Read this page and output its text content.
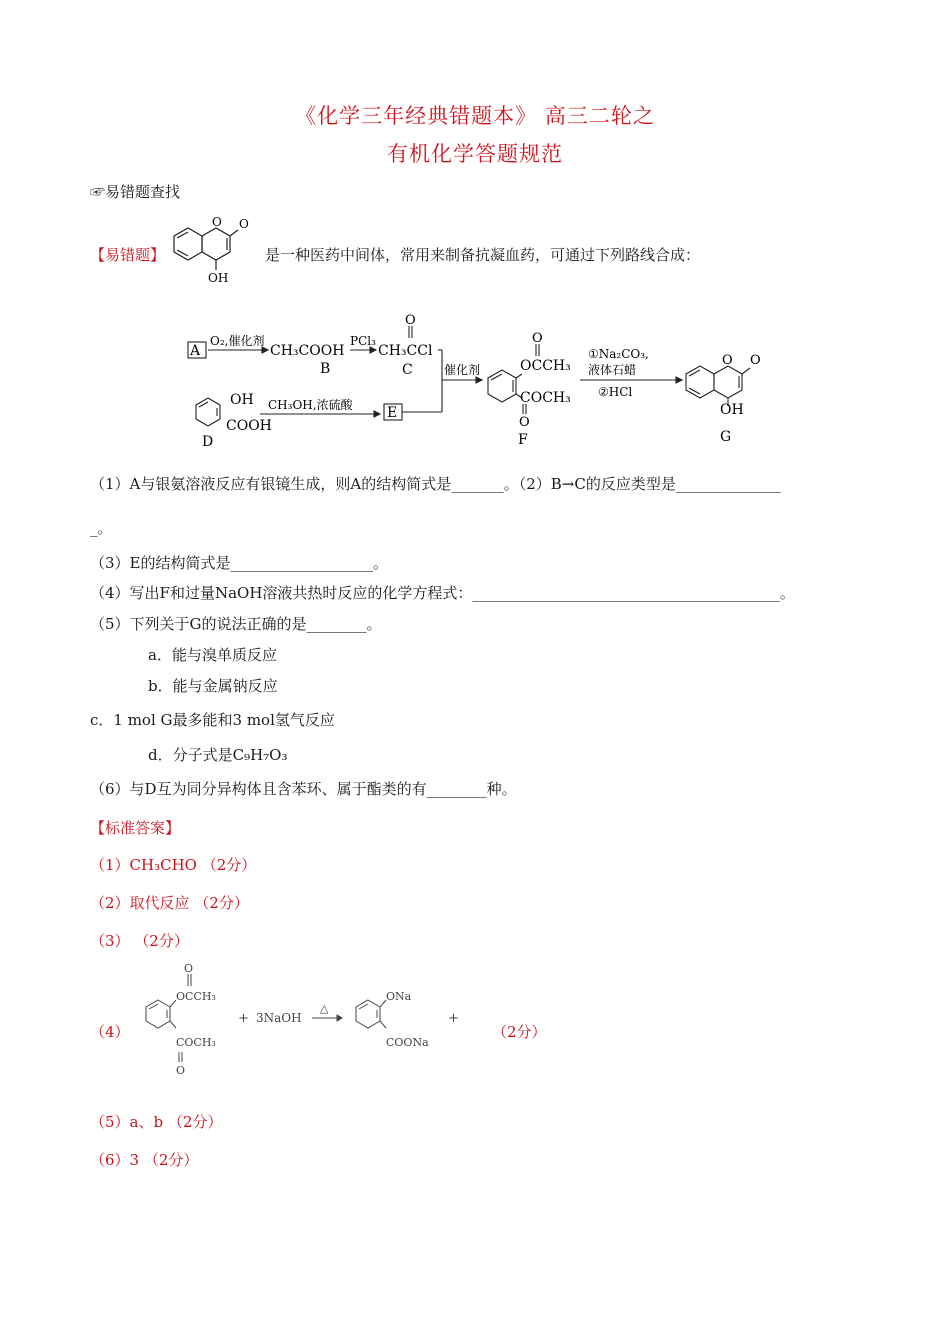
《化学三年经典错题本》 高三二轮之
有机化学答题规范
☞易错题查找
【易错题】
O O
OH
是一种医药中间体，常用来制备抗凝血药，可通过下列路线合成：
A
O₂,催化剂
CH₃COOH
B
PCl₃
O
CH₃CCl
C
OH
COOH
D
CH₃OH,浓硫酸 E
催化剂
O
OCCH₃
COCH₃
O
F
①Na₂CO₃,
液体石蜡
②HCl
O O
OH
G
（1）A与银氨溶液反应有银镜生成，则A的结构简式是_______。（2）B→C的反应类型是______________
_。
（3）E的结构简式是___________________。
（4）写出F和过量NaOH溶液共热时反应的化学方程式：_________________________________________。
（5）下列关于G的说法正确的是________。
a．能与溴单质反应
b．能与金属钠反应
c．1 mol G最多能和3 mol氢气反应
d．分子式是C₉H₇O₃
（6）与D互为同分异构体且含苯环、属于酯类的有________种。
【标准答案】
（1）CH₃CHO （2分）
（2）取代反应 （2分）
（3） （2分）
（4）
O
OCCH₃
COCH₃
O
+ 3NaOH
△
ONa
COONa
+
（2分）
（5）a、b （2分）
（6）3 （2分）
